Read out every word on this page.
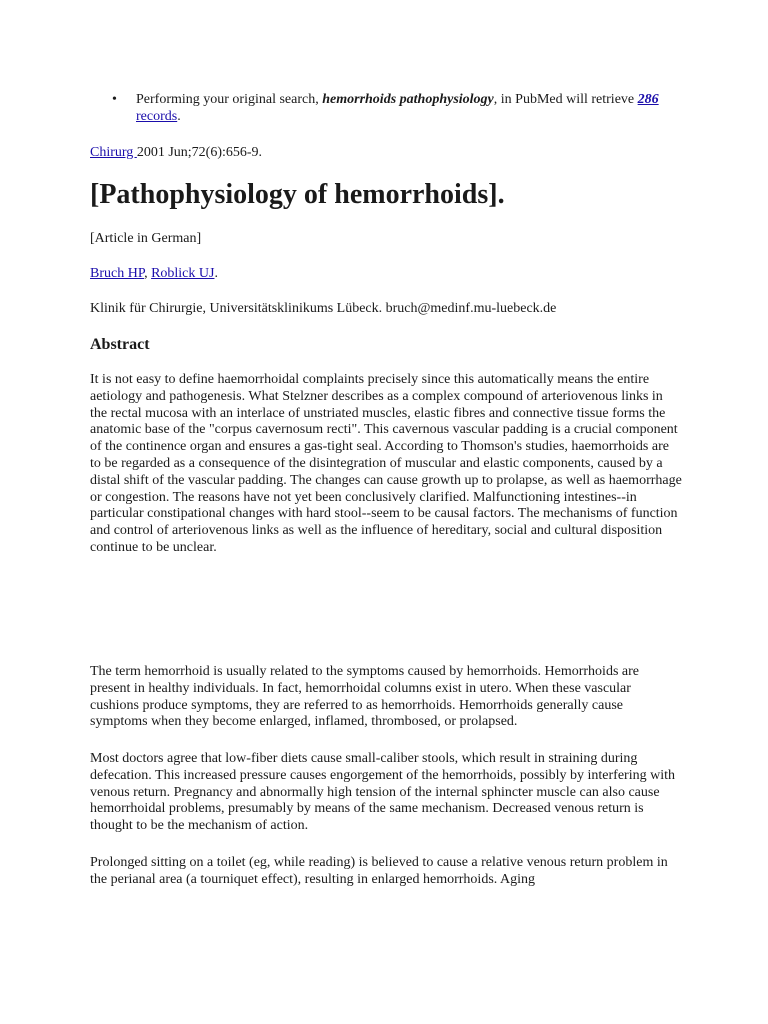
• Performing your original search, hemorrhoids pathophysiology, in PubMed will retrieve 286 records.
Chirurg 2001 Jun;72(6):656-9.
[Pathophysiology of hemorrhoids].
[Article in German]
Bruch HP, Roblick UJ.
Klinik für Chirurgie, Universitätsklinikums Lübeck. bruch@medinf.mu-luebeck.de
Abstract

It is not easy to define haemorrhoidal complaints precisely since this automatically means the entire aetiology and pathogenesis. What Stelzner describes as a complex compound of arteriovenous links in the rectal mucosa with an interlace of unstriated muscles, elastic fibres and connective tissue forms the anatomic base of the "corpus cavernosum recti". This cavernous vascular padding is a crucial component of the continence organ and ensures a gas-tight seal. According to Thomson's studies, haemorrhoids are to be regarded as a consequence of the disintegration of muscular and elastic components, caused by a distal shift of the vascular padding. The changes can cause growth up to prolapse, as well as haemorrhage or congestion. The reasons have not yet been conclusively clarified. Malfunctioning intestines--in particular constipational changes with hard stool--seem to be causal factors. The mechanisms of function and control of arteriovenous links as well as the influence of hereditary, social and cultural disposition continue to be unclear.

The term hemorrhoid is usually related to the symptoms caused by hemorrhoids. Hemorrhoids are present in healthy individuals. In fact, hemorrhoidal columns exist in utero. When these vascular cushions produce symptoms, they are referred to as hemorrhoids. Hemorrhoids generally cause symptoms when they become enlarged, inflamed, thrombosed, or prolapsed.

Most doctors agree that low-fiber diets cause small-caliber stools, which result in straining during defecation. This increased pressure causes engorgement of the hemorrhoids, possibly by interfering with venous return. Pregnancy and abnormally high tension of the internal sphincter muscle can also cause hemorrhoidal problems, presumably by means of the same mechanism. Decreased venous return is thought to be the mechanism of action.

Prolonged sitting on a toilet (eg, while reading) is believed to cause a relative venous return problem in the perianal area (a tourniquet effect), resulting in enlarged hemorrhoids. Aging
